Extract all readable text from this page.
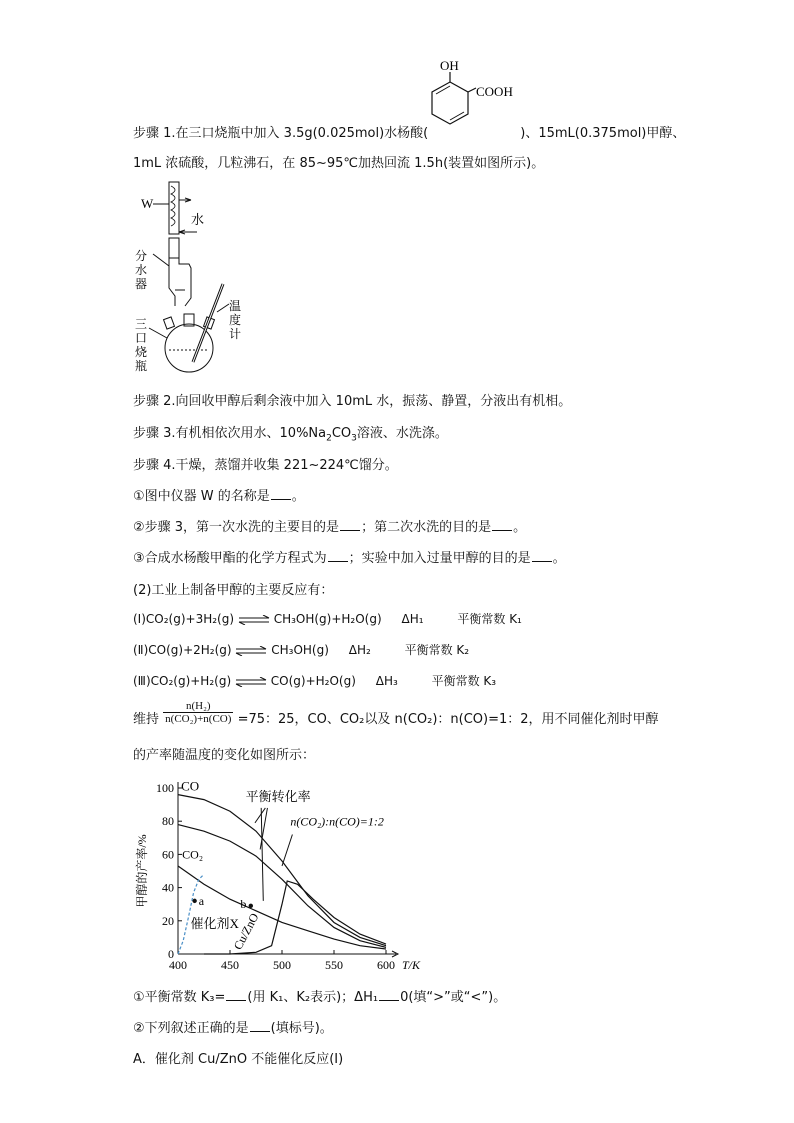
OH
COOH
步骤 1.在三口烧瓶中加入 3.5g(0.025mol)水杨酸(	)、15mL(0.375mol)甲醇、
1mL 浓硫酸，几粒沸石，在 85~95℃加热回流 1.5h(装置如图所示)。
W
水
分
水
器
温
度
计
三
口
烧
瓶
步骤 2.向回收甲醇后剩余液中加入 10mL 水，振荡、静置，分液出有机相。
步骤 3.有机相依次用水、$10\%Na_2CO_3$溶液、水洗涤。
步骤 4.干燥，蒸馏并收集 221~224℃馏分。
①图中仪器 W 的名称是 。
②步骤 3，第一次水洗的主要目的是 ；第二次水洗的目的是 。
③合成水杨酸甲酯的化学方程式为 ；实验中加入过量甲醇的目的是 。
(2)工业上制备甲醇的主要反应有：
(Ⅰ)CO₂(g)+3H₂(g) ⇌ CH₃OH(g)+H₂O(g) ΔH₁	平衡常数 K₁
(Ⅱ)CO(g)+2H₂(g) ⇌ CH₃OH(g) ΔH₂	平衡常数 K₂
(Ⅲ)CO₂(g)+H₂(g) ⇌ CO(g)+H₂O(g) ΔH₃	平衡常数 K₃
维持 $\frac{\text{n(H₂)}}{\text{n(CO₂)+n(CO)}} =75$：25，CO、CO₂以及 n(CO₂)：n(CO)=1：2，用不同催化剂时甲醇
的产率随温度的变化如图所示：
400	450	500	550	600
0
20
40
60
80
100
T/K
甲醇的产率/%
CO
CO₂
平衡转化率
n(CO₂):n(CO)=1:2
a	b
催化剂X
Cu/ZnO
①平衡常数 K₃= (用 K₁、K₂表示)；ΔH₁ 0(填“>”或“<”)。
②下列叙述正确的是 (填标号)。
A．催化剂 Cu/ZnO 不能催化反应(Ⅰ)
